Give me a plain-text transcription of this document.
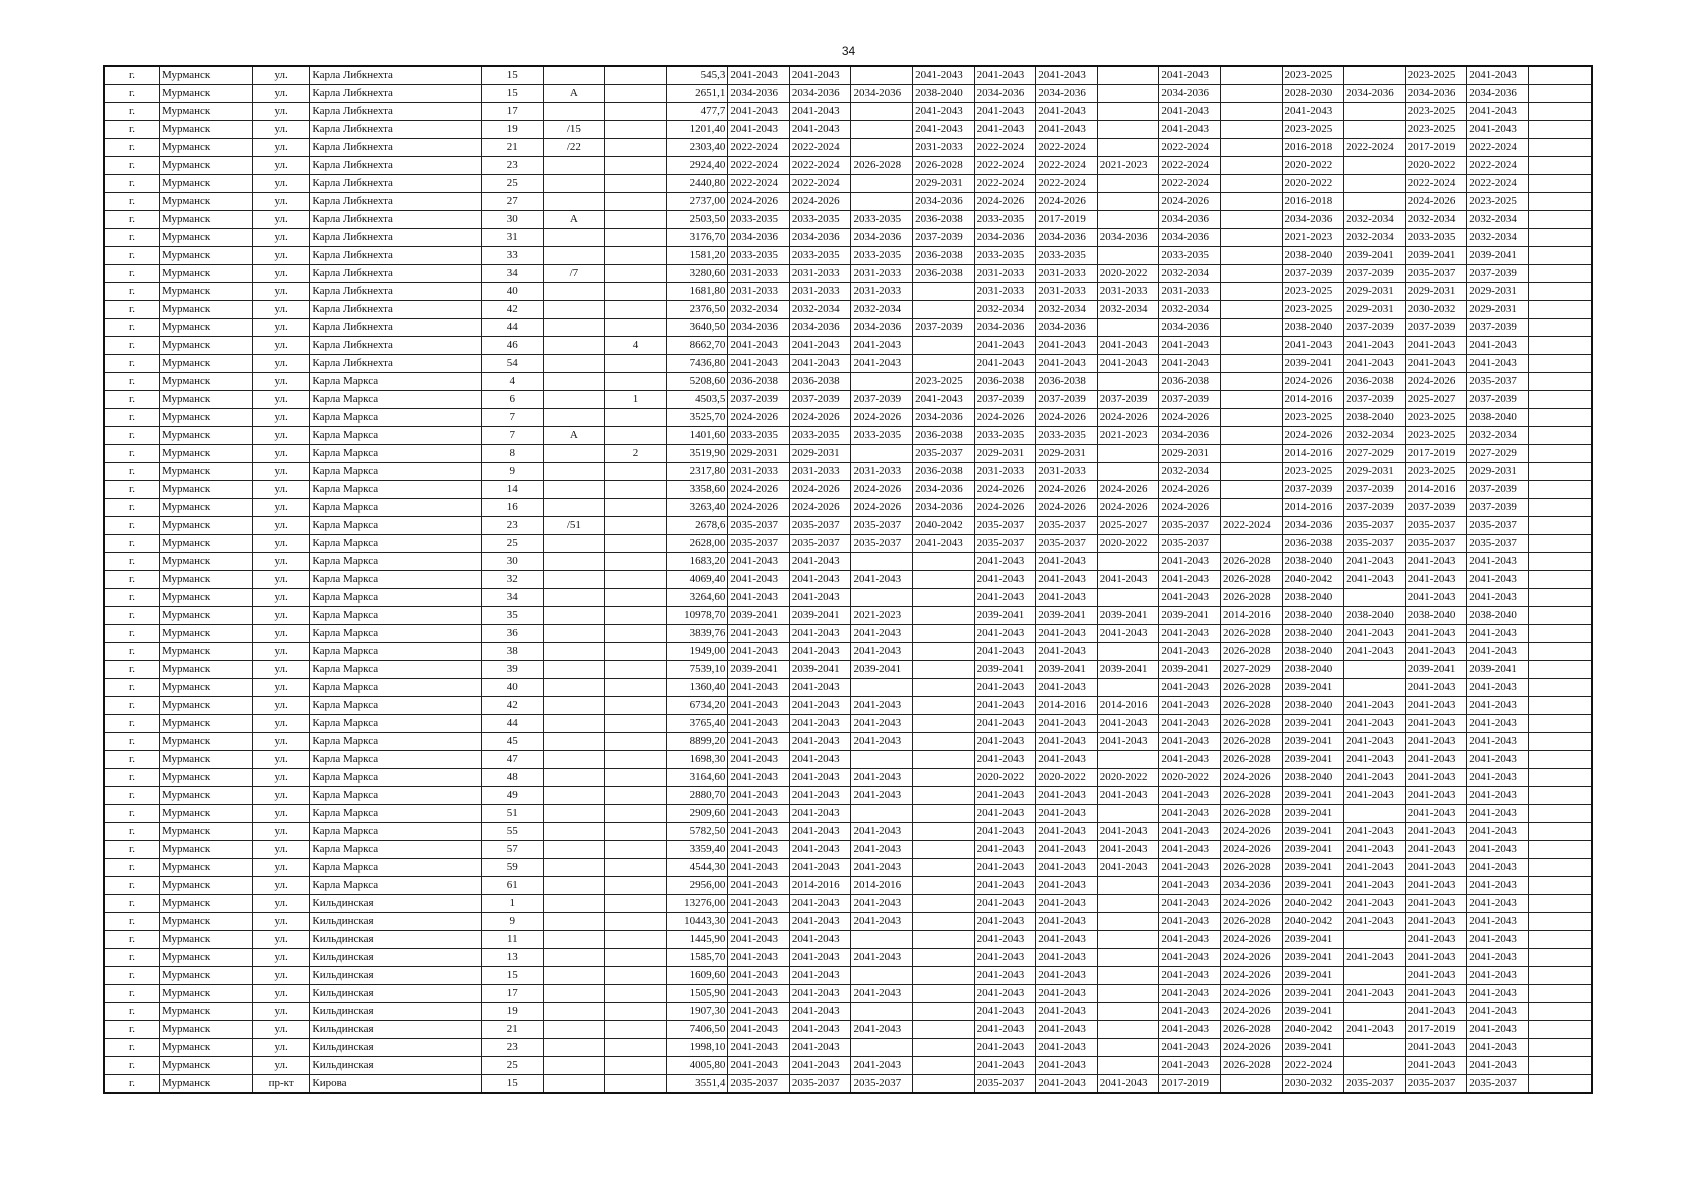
34
г.	Мурманск	ул.	Карла Либкнехта	15			545,3	2041-2043	2041-2043		2041-2043	2041-2043	2041-2043		2041-2043		2023-2025		2023-2025	2041-2043	
г.	Мурманск	ул.	Карла Либкнехта	15	А		2651,1	2034-2036	2034-2036	2034-2036	2038-2040	2034-2036	2034-2036		2034-2036		2028-2030	2034-2036	2034-2036	2034-2036	
г.	Мурманск	ул.	Карла Либкнехта	17			477,7	2041-2043	2041-2043		2041-2043	2041-2043	2041-2043		2041-2043		2041-2043		2023-2025	2041-2043	
г.	Мурманск	ул.	Карла Либкнехта	19	/15		1201,40	2041-2043	2041-2043		2041-2043	2041-2043	2041-2043		2041-2043		2023-2025		2023-2025	2041-2043	
г.	Мурманск	ул.	Карла Либкнехта	21	/22		2303,40	2022-2024	2022-2024		2031-2033	2022-2024	2022-2024		2022-2024		2016-2018	2022-2024	2017-2019	2022-2024	
г.	Мурманск	ул.	Карла Либкнехта	23			2924,40	2022-2024	2022-2024	2026-2028	2026-2028	2022-2024	2022-2024	2021-2023	2022-2024		2020-2022		2020-2022	2022-2024	
г.	Мурманск	ул.	Карла Либкнехта	25			2440,80	2022-2024	2022-2024		2029-2031	2022-2024	2022-2024		2022-2024		2020-2022		2022-2024	2022-2024	
г.	Мурманск	ул.	Карла Либкнехта	27			2737,00	2024-2026	2024-2026		2034-2036	2024-2026	2024-2026		2024-2026		2016-2018		2024-2026	2023-2025	
г.	Мурманск	ул.	Карла Либкнехта	30	А		2503,50	2033-2035	2033-2035	2033-2035	2036-2038	2033-2035	2017-2019		2034-2036		2034-2036	2032-2034	2032-2034	2032-2034	
г.	Мурманск	ул.	Карла Либкнехта	31			3176,70	2034-2036	2034-2036	2034-2036	2037-2039	2034-2036	2034-2036	2034-2036	2034-2036		2021-2023	2032-2034	2033-2035	2032-2034	
г.	Мурманск	ул.	Карла Либкнехта	33			1581,20	2033-2035	2033-2035	2033-2035	2036-2038	2033-2035	2033-2035		2033-2035		2038-2040	2039-2041	2039-2041	2039-2041	
г.	Мурманск	ул.	Карла Либкнехта	34	/7		3280,60	2031-2033	2031-2033	2031-2033	2036-2038	2031-2033	2031-2033	2020-2022	2032-2034		2037-2039	2037-2039	2035-2037	2037-2039	
г.	Мурманск	ул.	Карла Либкнехта	40			1681,80	2031-2033	2031-2033	2031-2033		2031-2033	2031-2033	2031-2033	2031-2033		2023-2025	2029-2031	2029-2031	2029-2031	
г.	Мурманск	ул.	Карла Либкнехта	42			2376,50	2032-2034	2032-2034	2032-2034		2032-2034	2032-2034	2032-2034	2032-2034		2023-2025	2029-2031	2030-2032	2029-2031	
г.	Мурманск	ул.	Карла Либкнехта	44			3640,50	2034-2036	2034-2036	2034-2036	2037-2039	2034-2036	2034-2036		2034-2036		2038-2040	2037-2039	2037-2039	2037-2039	
г.	Мурманск	ул.	Карла Либкнехта	46		4	8662,70	2041-2043	2041-2043	2041-2043		2041-2043	2041-2043	2041-2043	2041-2043		2041-2043	2041-2043	2041-2043	2041-2043	
г.	Мурманск	ул.	Карла Либкнехта	54			7436,80	2041-2043	2041-2043	2041-2043		2041-2043	2041-2043	2041-2043	2041-2043		2039-2041	2041-2043	2041-2043	2041-2043	
г.	Мурманск	ул.	Карла Маркса	4			5208,60	2036-2038	2036-2038		2023-2025	2036-2038	2036-2038		2036-2038		2024-2026	2036-2038	2024-2026	2035-2037	
г.	Мурманск	ул.	Карла Маркса	6		1	4503,5	2037-2039	2037-2039	2037-2039	2041-2043	2037-2039	2037-2039	2037-2039	2037-2039		2014-2016	2037-2039	2025-2027	2037-2039	
г.	Мурманск	ул.	Карла Маркса	7			3525,70	2024-2026	2024-2026	2024-2026	2034-2036	2024-2026	2024-2026	2024-2026	2024-2026		2023-2025	2038-2040	2023-2025	2038-2040	
г.	Мурманск	ул.	Карла Маркса	7	А		1401,60	2033-2035	2033-2035	2033-2035	2036-2038	2033-2035	2033-2035	2021-2023	2034-2036		2024-2026	2032-2034	2023-2025	2032-2034	
г.	Мурманск	ул.	Карла Маркса	8		2	3519,90	2029-2031	2029-2031		2035-2037	2029-2031	2029-2031		2029-2031		2014-2016	2027-2029	2017-2019	2027-2029	
г.	Мурманск	ул.	Карла Маркса	9			2317,80	2031-2033	2031-2033	2031-2033	2036-2038	2031-2033	2031-2033		2032-2034		2023-2025	2029-2031	2023-2025	2029-2031	
г.	Мурманск	ул.	Карла Маркса	14			3358,60	2024-2026	2024-2026	2024-2026	2034-2036	2024-2026	2024-2026	2024-2026	2024-2026		2037-2039	2037-2039	2014-2016	2037-2039	
г.	Мурманск	ул.	Карла Маркса	16			3263,40	2024-2026	2024-2026	2024-2026	2034-2036	2024-2026	2024-2026	2024-2026	2024-2026		2014-2016	2037-2039	2037-2039	2037-2039	
г.	Мурманск	ул.	Карла Маркса	23	/51		2678,6	2035-2037	2035-2037	2035-2037	2040-2042	2035-2037	2035-2037	2025-2027	2035-2037	2022-2024	2034-2036	2035-2037	2035-2037	2035-2037	
г.	Мурманск	ул.	Карла Маркса	25			2628,00	2035-2037	2035-2037	2035-2037	2041-2043	2035-2037	2035-2037	2020-2022	2035-2037		2036-2038	2035-2037	2035-2037	2035-2037	
г.	Мурманск	ул.	Карла Маркса	30			1683,20	2041-2043	2041-2043			2041-2043	2041-2043		2041-2043	2026-2028	2038-2040	2041-2043	2041-2043	2041-2043	
г.	Мурманск	ул.	Карла Маркса	32			4069,40	2041-2043	2041-2043	2041-2043		2041-2043	2041-2043	2041-2043	2041-2043	2026-2028	2040-2042	2041-2043	2041-2043	2041-2043	
г.	Мурманск	ул.	Карла Маркса	34			3264,60	2041-2043	2041-2043			2041-2043	2041-2043		2041-2043	2026-2028	2038-2040		2041-2043	2041-2043	
г.	Мурманск	ул.	Карла Маркса	35			10978,70	2039-2041	2039-2041	2021-2023		2039-2041	2039-2041	2039-2041	2039-2041	2014-2016	2038-2040	2038-2040	2038-2040	2038-2040	
г.	Мурманск	ул.	Карла Маркса	36			3839,76	2041-2043	2041-2043	2041-2043		2041-2043	2041-2043	2041-2043	2041-2043	2026-2028	2038-2040	2041-2043	2041-2043	2041-2043	
г.	Мурманск	ул.	Карла Маркса	38			1949,00	2041-2043	2041-2043	2041-2043		2041-2043	2041-2043		2041-2043	2026-2028	2038-2040	2041-2043	2041-2043	2041-2043	
г.	Мурманск	ул.	Карла Маркса	39			7539,10	2039-2041	2039-2041	2039-2041		2039-2041	2039-2041	2039-2041	2039-2041	2027-2029	2038-2040		2039-2041	2039-2041	
г.	Мурманск	ул.	Карла Маркса	40			1360,40	2041-2043	2041-2043			2041-2043	2041-2043		2041-2043	2026-2028	2039-2041		2041-2043	2041-2043	
г.	Мурманск	ул.	Карла Маркса	42			6734,20	2041-2043	2041-2043	2041-2043		2041-2043	2014-2016	2014-2016	2041-2043	2026-2028	2038-2040	2041-2043	2041-2043	2041-2043	
г.	Мурманск	ул.	Карла Маркса	44			3765,40	2041-2043	2041-2043	2041-2043		2041-2043	2041-2043	2041-2043	2041-2043	2026-2028	2039-2041	2041-2043	2041-2043	2041-2043	
г.	Мурманск	ул.	Карла Маркса	45			8899,20	2041-2043	2041-2043	2041-2043		2041-2043	2041-2043	2041-2043	2041-2043	2026-2028	2039-2041	2041-2043	2041-2043	2041-2043	
г.	Мурманск	ул.	Карла Маркса	47			1698,30	2041-2043	2041-2043			2041-2043	2041-2043		2041-2043	2026-2028	2039-2041	2041-2043	2041-2043	2041-2043	
г.	Мурманск	ул.	Карла Маркса	48			3164,60	2041-2043	2041-2043	2041-2043		2020-2022	2020-2022	2020-2022	2020-2022	2024-2026	2038-2040	2041-2043	2041-2043	2041-2043	
г.	Мурманск	ул.	Карла Маркса	49			2880,70	2041-2043	2041-2043	2041-2043		2041-2043	2041-2043	2041-2043	2041-2043	2026-2028	2039-2041	2041-2043	2041-2043	2041-2043	
г.	Мурманск	ул.	Карла Маркса	51			2909,60	2041-2043	2041-2043			2041-2043	2041-2043		2041-2043	2026-2028	2039-2041		2041-2043	2041-2043	
г.	Мурманск	ул.	Карла Маркса	55			5782,50	2041-2043	2041-2043	2041-2043		2041-2043	2041-2043	2041-2043	2041-2043	2024-2026	2039-2041	2041-2043	2041-2043	2041-2043	
г.	Мурманск	ул.	Карла Маркса	57			3359,40	2041-2043	2041-2043	2041-2043		2041-2043	2041-2043	2041-2043	2041-2043	2024-2026	2039-2041	2041-2043	2041-2043	2041-2043	
г.	Мурманск	ул.	Карла Маркса	59			4544,30	2041-2043	2041-2043	2041-2043		2041-2043	2041-2043	2041-2043	2041-2043	2026-2028	2039-2041	2041-2043	2041-2043	2041-2043	
г.	Мурманск	ул.	Карла Маркса	61			2956,00	2041-2043	2014-2016	2014-2016		2041-2043	2041-2043		2041-2043	2034-2036	2039-2041	2041-2043	2041-2043	2041-2043	
г.	Мурманск	ул.	Кильдинская	1			13276,00	2041-2043	2041-2043	2041-2043		2041-2043	2041-2043		2041-2043	2024-2026	2040-2042	2041-2043	2041-2043	2041-2043	
г.	Мурманск	ул.	Кильдинская	9			10443,30	2041-2043	2041-2043	2041-2043		2041-2043	2041-2043		2041-2043	2026-2028	2040-2042	2041-2043	2041-2043	2041-2043	
г.	Мурманск	ул.	Кильдинская	11			1445,90	2041-2043	2041-2043			2041-2043	2041-2043		2041-2043	2024-2026	2039-2041		2041-2043	2041-2043	
г.	Мурманск	ул.	Кильдинская	13			1585,70	2041-2043	2041-2043	2041-2043		2041-2043	2041-2043		2041-2043	2024-2026	2039-2041	2041-2043	2041-2043	2041-2043	
г.	Мурманск	ул.	Кильдинская	15			1609,60	2041-2043	2041-2043			2041-2043	2041-2043		2041-2043	2024-2026	2039-2041		2041-2043	2041-2043	
г.	Мурманск	ул.	Кильдинская	17			1505,90	2041-2043	2041-2043	2041-2043		2041-2043	2041-2043		2041-2043	2024-2026	2039-2041	2041-2043	2041-2043	2041-2043	
г.	Мурманск	ул.	Кильдинская	19			1907,30	2041-2043	2041-2043			2041-2043	2041-2043		2041-2043	2024-2026	2039-2041		2041-2043	2041-2043	
г.	Мурманск	ул.	Кильдинская	21			7406,50	2041-2043	2041-2043	2041-2043		2041-2043	2041-2043		2041-2043	2026-2028	2040-2042	2041-2043	2017-2019	2041-2043	
г.	Мурманск	ул.	Кильдинская	23			1998,10	2041-2043	2041-2043			2041-2043	2041-2043		2041-2043	2024-2026	2039-2041		2041-2043	2041-2043	
г.	Мурманск	ул.	Кильдинская	25			4005,80	2041-2043	2041-2043	2041-2043		2041-2043	2041-2043		2041-2043	2026-2028	2022-2024		2041-2043	2041-2043	
г.	Мурманск	пр-кт	Кирова	15			3551,4	2035-2037	2035-2037	2035-2037		2035-2037	2041-2043	2041-2043	2017-2019		2030-2032	2035-2037	2035-2037	2035-2037	
